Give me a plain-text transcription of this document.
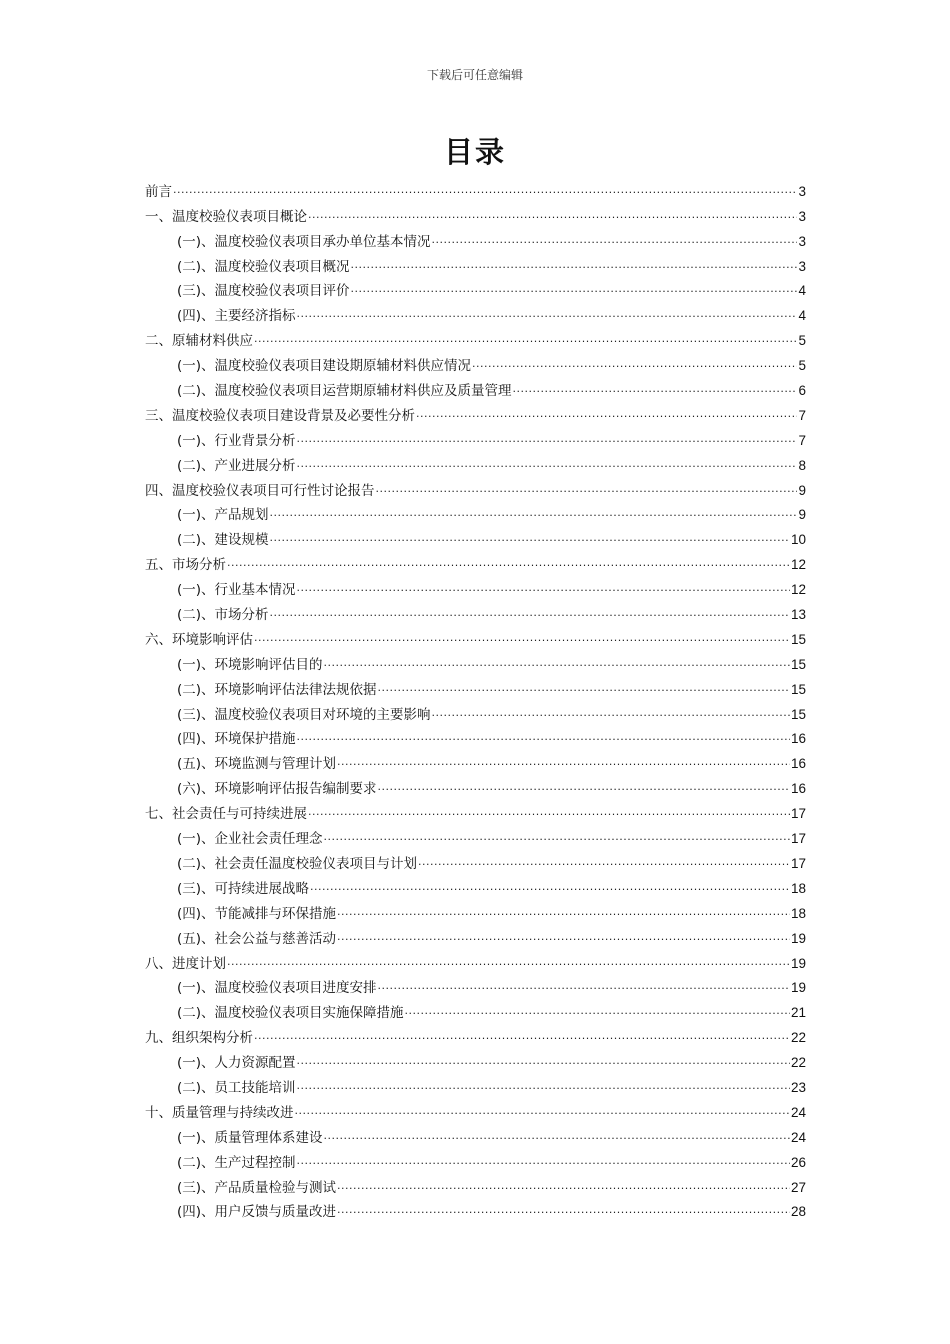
下载后可任意编辑
目录
前言 .....	3
一、温度校验仪表项目概论 .....	3
(一)、温度校验仪表项目承办单位基本情况 .....	3
(二)、温度校验仪表项目概况 .....	3
(三)、温度校验仪表项目评价 .....	4
(四)、主要经济指标 .....	4
二、原辅材料供应 .....	5
(一)、温度校验仪表项目建设期原辅材料供应情况 .....	5
(二)、温度校验仪表项目运营期原辅材料供应及质量管理 .....	6
三、温度校验仪表项目建设背景及必要性分析 .....	7
(一)、行业背景分析 .....	7
(二)、产业进展分析 .....	8
四、温度校验仪表项目可行性讨论报告 .....	9
(一)、产品规划 .....	9
(二)、建设规模 .....	10
五、市场分析 .....	12
(一)、行业基本情况 .....	12
(二)、市场分析 .....	13
六、环境影响评估 .....	15
(一)、环境影响评估目的 .....	15
(二)、环境影响评估法律法规依据 .....	15
(三)、温度校验仪表项目对环境的主要影响 .....	15
(四)、环境保护措施 .....	16
(五)、环境监测与管理计划 .....	16
(六)、环境影响评估报告编制要求 .....	16
七、社会责任与可持续进展 .....	17
(一)、企业社会责任理念 .....	17
(二)、社会责任温度校验仪表项目与计划 .....	17
(三)、可持续进展战略 .....	18
(四)、节能减排与环保措施 .....	18
(五)、社会公益与慈善活动 .....	19
八、进度计划 .....	19
(一)、温度校验仪表项目进度安排 .....	19
(二)、温度校验仪表项目实施保障措施 .....	21
九、组织架构分析 .....	22
(一)、人力资源配置 .....	22
(二)、员工技能培训 .....	23
十、质量管理与持续改进 .....	24
(一)、质量管理体系建设 .....	24
(二)、生产过程控制 .....	26
(三)、产品质量检验与测试 .....	27
(四)、用户反馈与质量改进 .....	28
